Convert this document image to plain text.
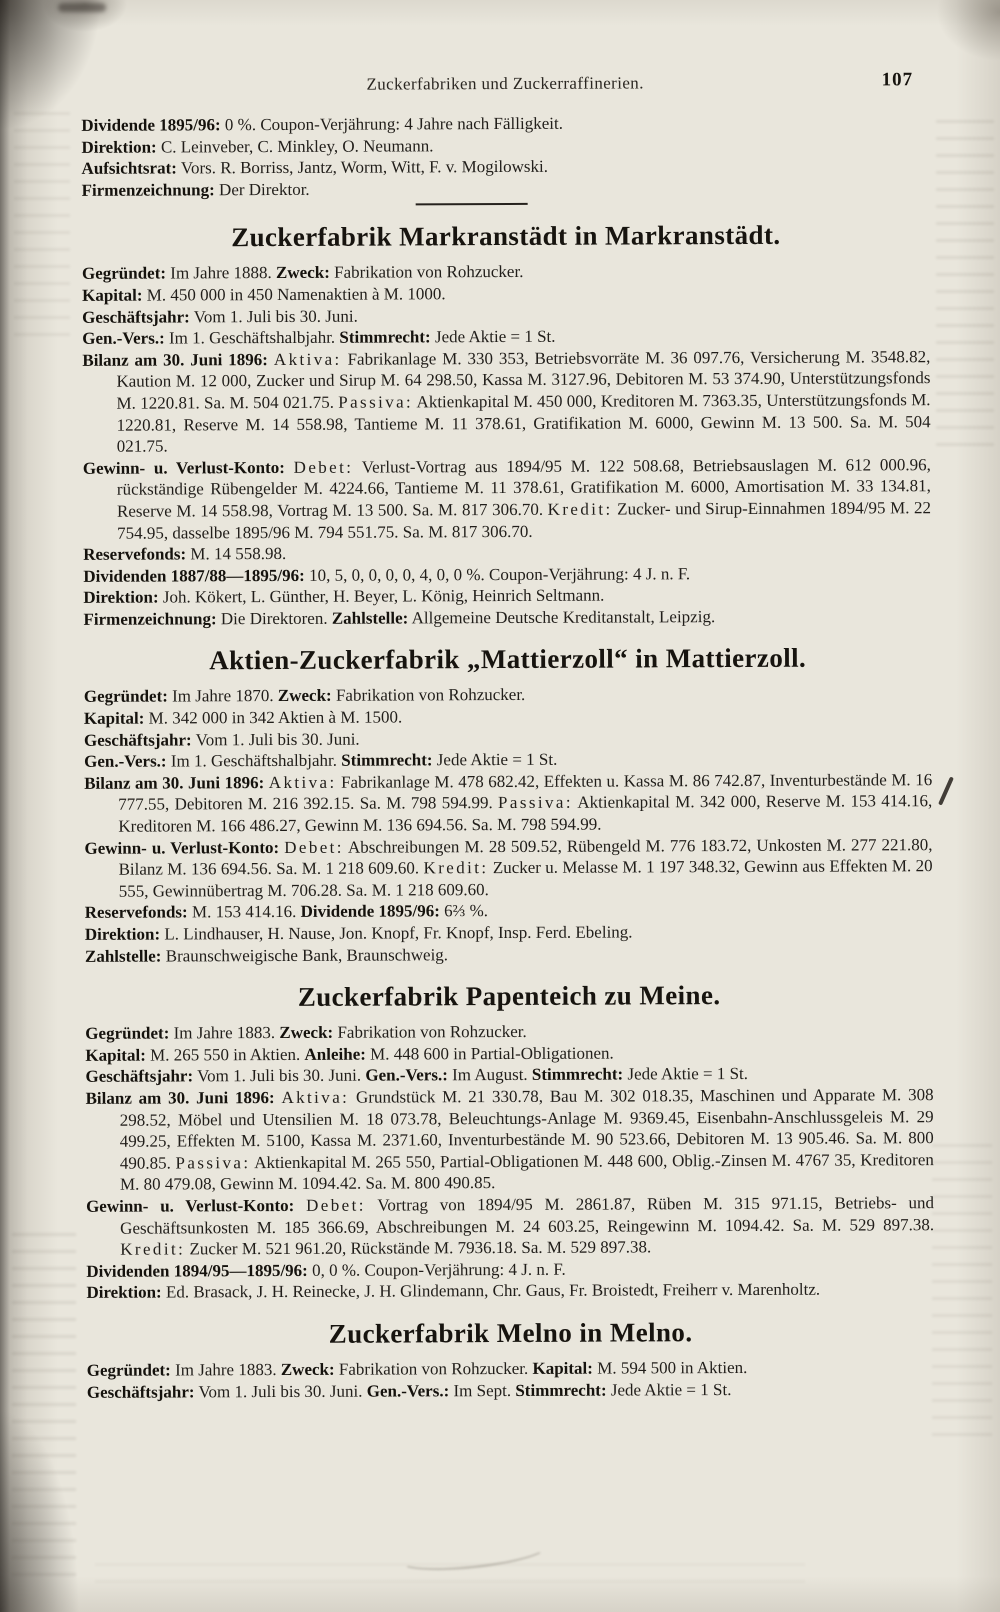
Zuckerfabriken und Zuckerraffinerien.	107

Dividende 1895/96: 0 %. Coupon-Verjährung: 4 Jahre nach Fälligkeit.

Direktion: C. Leinveber, C. Minkley, O. Neumann.

Aufsichtsrat: Vors. R. Borriss, Jantz, Worm, Witt, F. v. Mogilowski.

Firmenzeichnung: Der Direktor.

Zuckerfabrik Markranstädt in Markranstädt.

Gegründet: Im Jahre 1888. Zweck: Fabrikation von Rohzucker.

Kapital: M. 450 000 in 450 Namenaktien à M. 1000.

Geschäftsjahr: Vom 1. Juli bis 30. Juni.

Gen.-Vers.: Im 1. Geschäftshalbjahr. Stimmrecht: Jede Aktie = 1 St.

Bilanz am 30. Juni 1896: Aktiva: Fabrikanlage M. 330 353, Betriebsvorräte M. 36 097.76, Versicherung M. 3548.82, Kaution M. 12 000, Zucker und Sirup M. 64 298.50, Kassa M. 3127.96, Debitoren M. 53 374.90, Unterstützungsfonds M. 1220.81. Sa. M. 504 021.75. Passiva: Aktienkapital M. 450 000, Kreditoren M. 7363.35, Unterstützungsfonds M. 1220.81, Reserve M. 14 558.98, Tantieme M. 11 378.61, Gratifikation M. 6000, Gewinn M. 13 500. Sa. M. 504 021.75.

Gewinn- u. Verlust-Konto: Debet: Verlust-Vortrag aus 1894/95 M. 122 508.68, Betriebsauslagen M. 612 000.96, rückständige Rübengelder M. 4224.66, Tantieme M. 11 378.61, Gratifikation M. 6000, Amortisation M. 33 134.81, Reserve M. 14 558.98, Vortrag M. 13 500. Sa. M. 817 306.70. Kredit: Zucker- und Sirup-Einnahmen 1894/95 M. 22 754.95, dasselbe 1895/96 M. 794 551.75. Sa. M. 817 306.70.

Reservefonds: M. 14 558.98.

Dividenden 1887/88—1895/96: 10, 5, 0, 0, 0, 0, 4, 0, 0 %. Coupon-Verjährung: 4 J. n. F.

Direktion: Joh. Kökert, L. Günther, H. Beyer, L. König, Heinrich Seltmann.

Firmenzeichnung: Die Direktoren. Zahlstelle: Allgemeine Deutsche Kreditanstalt, Leipzig.

Aktien-Zuckerfabrik „Mattierzoll“ in Mattierzoll.

Gegründet: Im Jahre 1870. Zweck: Fabrikation von Rohzucker.

Kapital: M. 342 000 in 342 Aktien à M. 1500.

Geschäftsjahr: Vom 1. Juli bis 30. Juni.

Gen.-Vers.: Im 1. Geschäftshalbjahr. Stimmrecht: Jede Aktie = 1 St.

Bilanz am 30. Juni 1896: Aktiva: Fabrikanlage M. 478 682.42, Effekten u. Kassa M. 86 742.87, Inventurbestände M. 16 777.55, Debitoren M. 216 392.15. Sa. M. 798 594.99. Passiva: Aktienkapital M. 342 000, Reserve M. 153 414.16, Kreditoren M. 166 486.27, Gewinn M. 136 694.56. Sa. M. 798 594.99.

Gewinn- u. Verlust-Konto: Debet: Abschreibungen M. 28 509.52, Rübengeld M. 776 183.72, Unkosten M. 277 221.80, Bilanz M. 136 694.56. Sa. M. 1 218 609.60. Kredit: Zucker u. Melasse M. 1 197 348.32, Gewinn aus Effekten M. 20 555, Gewinnübertrag M. 706.28. Sa. M. 1 218 609.60.

Reservefonds: M. 153 414.16. Dividende 1895/96: 6⅔ %.

Direktion: L. Lindhauser, H. Nause, Jon. Knopf, Fr. Knopf, Insp. Ferd. Ebeling.

Zahlstelle: Braunschweigische Bank, Braunschweig.

Zuckerfabrik Papenteich zu Meine.

Gegründet: Im Jahre 1883. Zweck: Fabrikation von Rohzucker.

Kapital: M. 265 550 in Aktien. Anleihe: M. 448 600 in Partial-Obligationen.

Geschäftsjahr: Vom 1. Juli bis 30. Juni. Gen.-Vers.: Im August. Stimmrecht: Jede Aktie = 1 St.

Bilanz am 30. Juni 1896: Aktiva: Grundstück M. 21 330.78, Bau M. 302 018.35, Maschinen und Apparate M. 308 298.52, Möbel und Utensilien M. 18 073.78, Beleuchtungs-Anlage M. 9369.45, Eisenbahn-Anschlussgeleis M. 29 499.25, Effekten M. 5100, Kassa M. 2371.60, Inventurbestände M. 90 523.66, Debitoren M. 13 905.46. Sa. M. 800 490.85. Passiva: Aktienkapital M. 265 550, Partial-Obligationen M. 448 600, Oblig.-Zinsen M. 4767 35, Kreditoren M. 80 479.08, Gewinn M. 1094.42. Sa. M. 800 490.85.

Gewinn- u. Verlust-Konto: Debet: Vortrag von 1894/95 M. 2861.87, Rüben M. 315 971.15, Betriebs- und Geschäftsunkosten M. 185 366.69, Abschreibungen M. 24 603.25, Reingewinn M. 1094.42. Sa. M. 529 897.38. Kredit: Zucker M. 521 961.20, Rückstände M. 7936.18. Sa. M. 529 897.38.

Dividenden 1894/95—1895/96: 0, 0 %. Coupon-Verjährung: 4 J. n. F.

Direktion: Ed. Brasack, J. H. Reinecke, J. H. Glindemann, Chr. Gaus, Fr. Broistedt, Freiherr v. Marenholtz.

Zuckerfabrik Melno in Melno.

Gegründet: Im Jahre 1883. Zweck: Fabrikation von Rohzucker. Kapital: M. 594 500 in Aktien.

Geschäftsjahr: Vom 1. Juli bis 30. Juni. Gen.-Vers.: Im Sept. Stimmrecht: Jede Aktie = 1 St.
